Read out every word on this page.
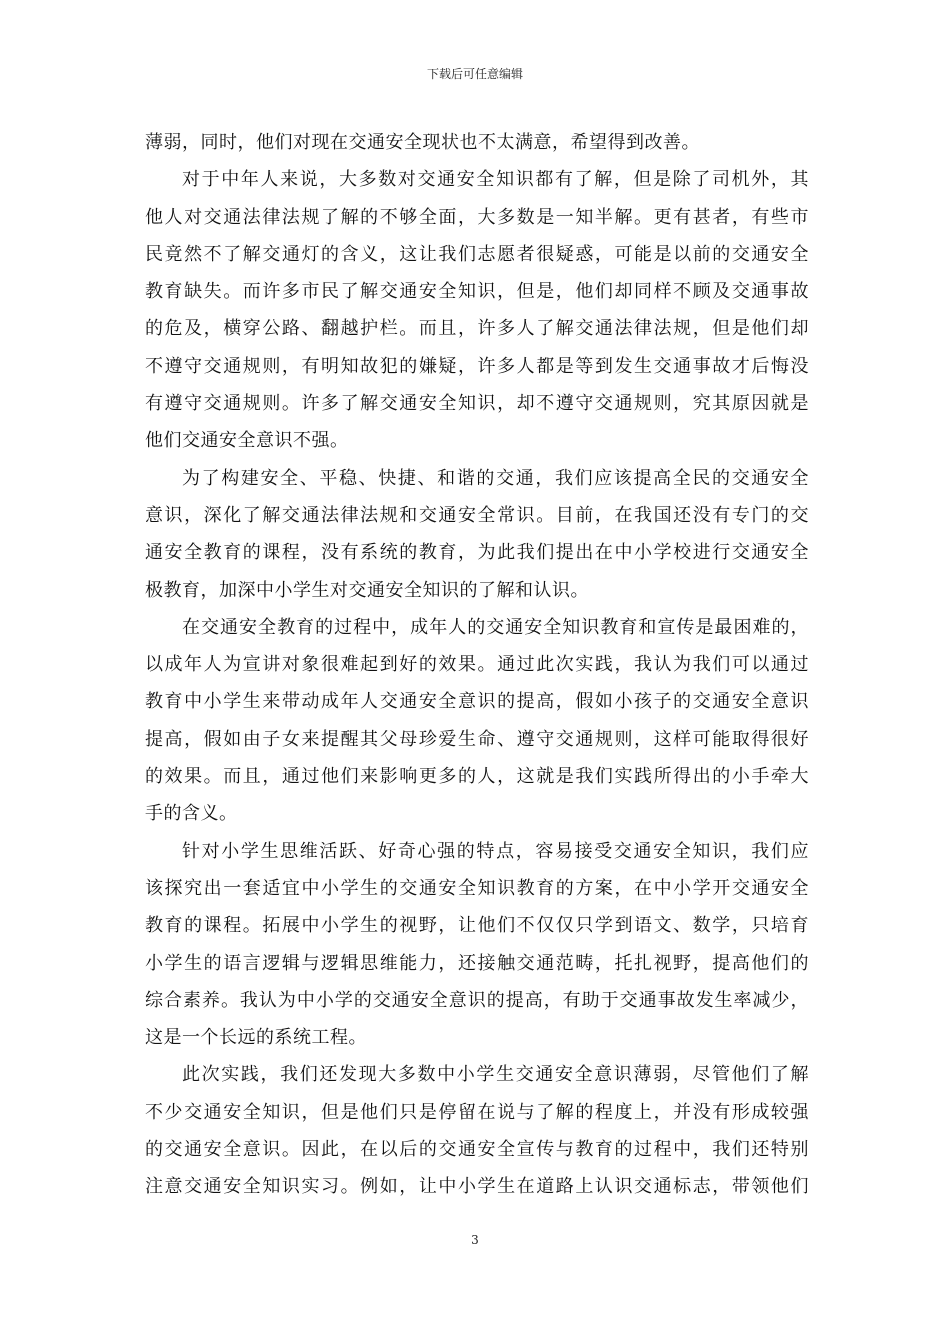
下载后可任意编辑
薄弱，同时，他们对现在交通安全现状也不太满意，希望得到改善。
对于中年人来说，大多数对交通安全知识都有了解，但是除了司机外，其
他人对交通法律法规了解的不够全面，大多数是一知半解。更有甚者，有些市
民竟然不了解交通灯的含义，这让我们志愿者很疑惑，可能是以前的交通安全
教育缺失。而许多市民了解交通安全知识，但是，他们却同样不顾及交通事故
的危及，横穿公路、翻越护栏。而且，许多人了解交通法律法规，但是他们却
不遵守交通规则，有明知故犯的嫌疑，许多人都是等到发生交通事故才后悔没
有遵守交通规则。许多了解交通安全知识，却不遵守交通规则，究其原因就是
他们交通安全意识不强。
为了构建安全、平稳、快捷、和谐的交通，我们应该提高全民的交通安全
意识，深化了解交通法律法规和交通安全常识。目前，在我国还没有专门的交
通安全教育的课程，没有系统的教育，为此我们提出在中小学校进行交通安全
极教育，加深中小学生对交通安全知识的了解和认识。
在交通安全教育的过程中，成年人的交通安全知识教育和宣传是最困难的，
以成年人为宣讲对象很难起到好的效果。通过此次实践，我认为我们可以通过
教育中小学生来带动成年人交通安全意识的提高，假如小孩子的交通安全意识
提高，假如由子女来提醒其父母珍爱生命、遵守交通规则，这样可能取得很好
的效果。而且，通过他们来影响更多的人，这就是我们实践所得出的小手牵大
手的含义。
针对小学生思维活跃、好奇心强的特点，容易接受交通安全知识，我们应
该探究出一套适宜中小学生的交通安全知识教育的方案，在中小学开交通安全
教育的课程。拓展中小学生的视野，让他们不仅仅只学到语文、数学，只培育
小学生的语言逻辑与逻辑思维能力，还接触交通范畴，托扎视野，提高他们的
综合素养。我认为中小学的交通安全意识的提高，有助于交通事故发生率减少，
这是一个长远的系统工程。
此次实践，我们还发现大多数中小学生交通安全意识薄弱，尽管他们了解
不少交通安全知识，但是他们只是停留在说与了解的程度上，并没有形成较强
的交通安全意识。因此，在以后的交通安全宣传与教育的过程中，我们还特别
注意交通安全知识实习。例如，让中小学生在道路上认识交通标志，带领他们
3
